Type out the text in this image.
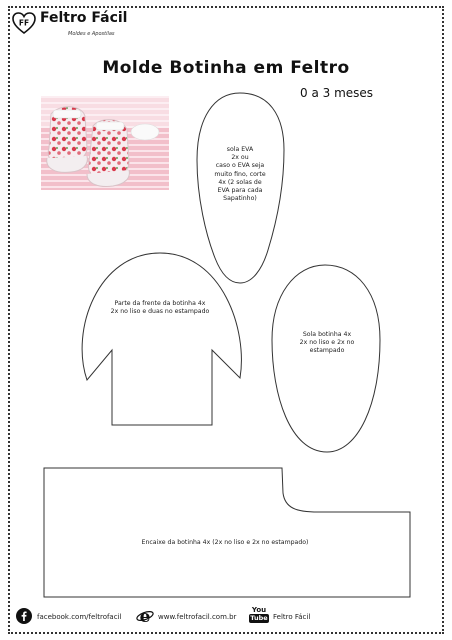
FF Feltro Fácil
Moldes e Apostilas
Molde Botinha em Feltro
0 a 3 meses
sola EVA
2x ou
caso o EVA seja
muito fino, corte
4x (2 solas de
EVA para cada
Sapatinho)
Parte da frente da botinha 4x
2x no liso e duas no estampado
Sola botinha 4x
2x no liso e 2x no
estampado
Encaixe da botinha 4x (2x no liso e 2x no estampado)
facebook.com/feltrofacil e www.feltrofacil.com.br
You
Tube Feltro Fácil
